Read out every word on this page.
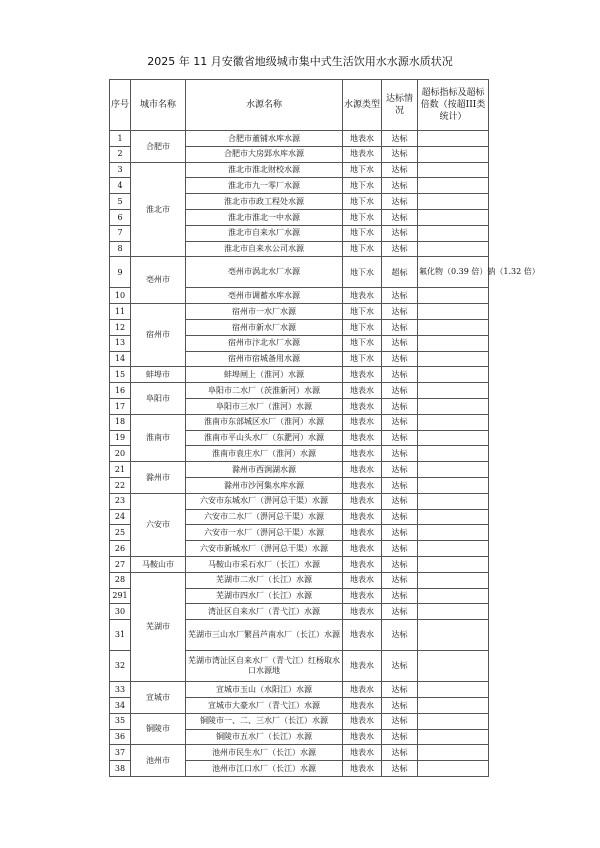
2025 年 11 月安徽省地级城市集中式生活饮用水水源水质状况
序号	城市名称	水源名称	水源类型	达标情况	超标指标及超标倍数（按超III类统计）
1	合肥市	合肥市董铺水库水源	地表水	达标	
2		合肥市大房郢水库水源	地表水	达标	
3	淮北市	淮北市淮北财校水源	地下水	达标	
4		淮北市九一零厂水源	地下水	达标	
5		淮北市市政工程处水源	地下水	达标	
6		淮北市淮北一中水源	地下水	达标	
7		淮北市自来水厂水源	地下水	达标	
8		淮北市自来水公司水源	地下水	达标	
9	亳州市	亳州市涡北水厂水源	地下水	超标	氟化物（0.39 倍）钠（1.32 倍）
10		亳州市调蓄水库水源	地表水	达标	
11	宿州市	宿州市一水厂水源	地下水	达标	
12		宿州市新水厂水源	地下水	达标	
13		宿州市汴北水厂水源	地下水	达标	
14		宿州市宿城备用水源	地下水	达标	
15	蚌埠市	蚌埠闸上（淮河）水源	地表水	达标	
16	阜阳市	阜阳市二水厂（茨淮新河）水源	地表水	达标	
17		阜阳市三水厂（淮河）水源	地表水	达标	
18	淮南市	淮南市东部城区水厂（淮河）水源	地表水	达标	
19		淮南市平山头水厂（东淝河）水源	地表水	达标	
20		淮南市袁庄水厂（淮河）水源	地表水	达标	
21	滁州市	滁州市西涧湖水源	地表水	达标	
22		滁州市沙河集水库水源	地表水	达标	
23	六安市	六安市东城水厂（淠河总干渠）水源	地表水	达标	
24		六安市二水厂（淠河总干渠）水源	地表水	达标	
25		六安市一水厂（淠河总干渠）水源	地表水	达标	
26		六安市新城水厂（淠河总干渠）水源	地表水	达标	
27	马鞍山市	马鞍山市采石水厂（长江）水源	地表水	达标	
28	芜湖市	芜湖市二水厂（长江）水源	地表水	达标	
291		芜湖市四水厂（长江）水源	地表水	达标	
30		湾沚区自来水厂（青弋江）水源	地表水	达标	
31		芜湖市三山水厂繁昌芦南水厂（长江）水源	地表水	达标	
32		芜湖市湾沚区自来水厂（青弋江）红杨取水口水源地	地表水	达标	
33	宣城市	宣城市玉山（水阳江）水源	地表水	达标	
34		宣城市大豪水厂（青弋江）水源	地表水	达标	
35	铜陵市	铜陵市一、二、三水厂（长江）水源	地表水	达标	
36		铜陵市五水厂（长江）水源	地表水	达标	
37	池州市	池州市民生水厂（长江）水源	地表水	达标	
38		池州市江口水厂（长江）水源	地表水	达标	
